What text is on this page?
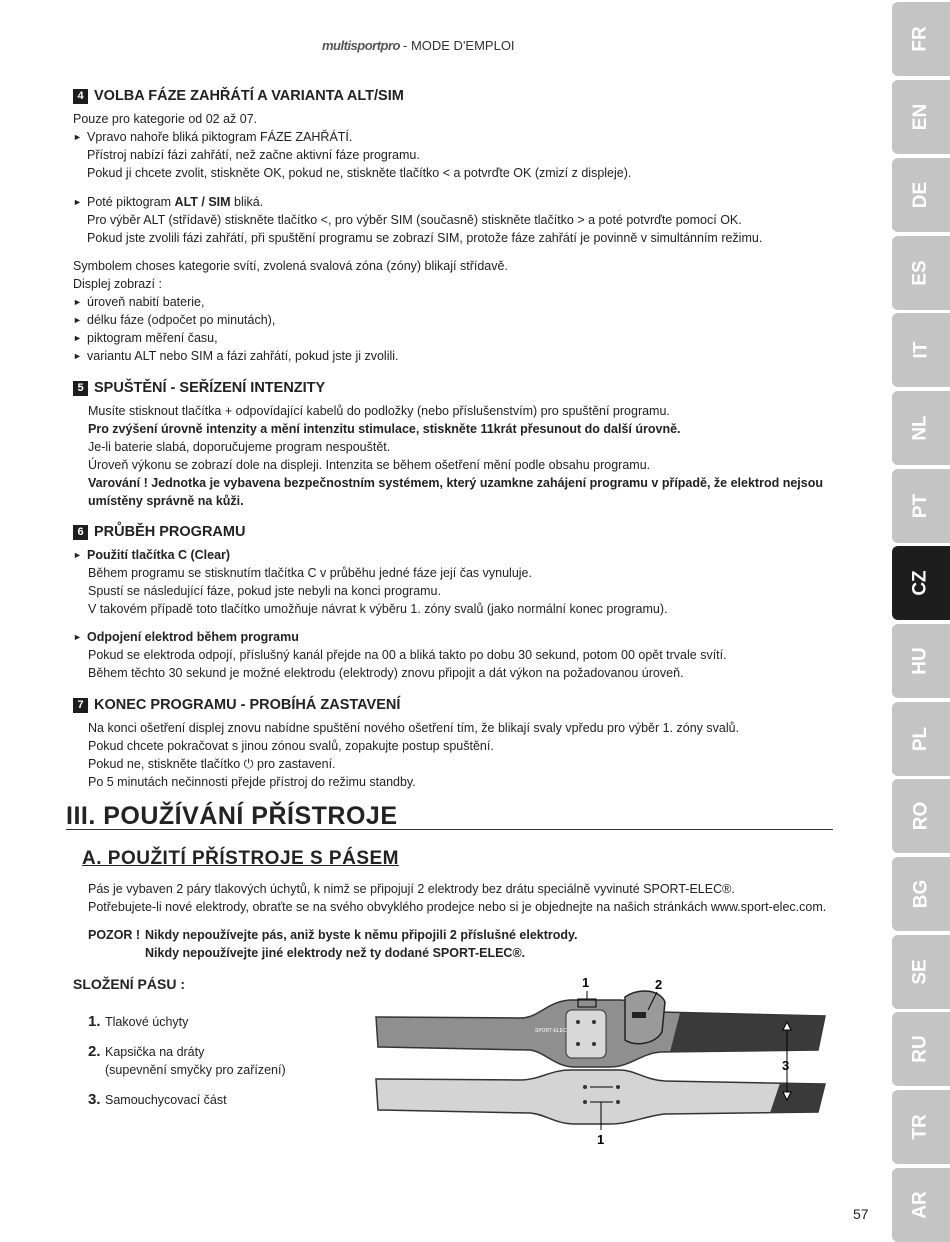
multisportpro - MODE D'EMPLOI	FR
EN
DE
ES
IT
NL
PT
CZ
HU
PL
RO
BG
SE
RU
TR
AR
4 VOLBA FÁZE ZAHŘÁTÍ A VARIANTA ALT/SIM

Pouze pro kategorie od 02 až 07.

► Vpravo nahoře bliká piktogram FÁZE ZAHŘÁTÍ.

Přístroj nabízí fázi zahřátí, než začne aktivní fáze programu.

Pokud ji chcete zvolit, stiskněte OK, pokud ne, stiskněte tlačítko < a potvrďte OK (zmizí z displeje).

► Poté piktogram ALT / SIM bliká.

Pro výběr ALT (střídavě) stiskněte tlačítko <, pro výběr SIM (současně) stiskněte tlačítko > a poté potvrďte pomocí OK.

Pokud jste zvolili fázi zahřátí, při spuštění programu se zobrazí SIM, protože fáze zahřátí je povinně v simultánním režimu.

Symbolem choses kategorie svítí, zvolená svalová zóna (zóny) blikají střídavě.

Displej zobrazí :

► úroveň nabití baterie,
► délku fáze (odpočet po minutách),
► piktogram měření času,
► variantu ALT nebo SIM a fázi zahřátí, pokud jste ji zvolili.
5 SPUŠTĚNÍ - SEŘÍZENÍ INTENZITY

Musíte stisknout tlačítka + odpovídající kabelů do podložky (nebo příslušenstvím) pro spuštění programu.

Pro zvýšení úrovně intenzity a mění intenzitu stimulace, stiskněte 11krát přesunout do další úrovně.

Je-li baterie slabá, doporučujeme program nespouštět.

Úroveň výkonu se zobrazí dole na displeji. Intenzita se během ošetření mění podle obsahu programu.

Varování ! Jednotka je vybavena bezpečnostním systémem, který uzamkne zahájení programu v případě, že elektrod nejsou umístěny správně na kůži.

6 PRŮBĚH PROGRAMU
► Použití tlačítka C (Clear)

Během programu se stisknutím tlačítka C v průběhu jedné fáze její čas vynuluje.

Spustí se následující fáze, pokud jste nebyli na konci programu.

V takovém případě toto tlačítko umožňuje návrat k výběru 1. zóny svalů (jako normální konec programu).

► Odpojení elektrod během programu

Pokud se elektroda odpojí, příslušný kanál přejde na 00 a bliká takto po dobu 30 sekund, potom 00 opět trvale svítí.

Během těchto 30 sekund je možné elektrodu (elektrody) znovu připojit a dát výkon na požadovanou úroveň.

7 KONEC PROGRAMU - PROBÍHÁ ZASTAVENÍ

Na konci ošetření displej znovu nabídne spuštění nového ošetření tím, že blikají svaly vpředu pro výběr 1. zóny svalů.

Pokud chcete pokračovat s jinou zónou svalů, zopakujte postup spuštění.

Pokud ne, stiskněte tlačítko ⏻ pro zastavení.

Po 5 minutách nečinnosti přejde přístroj do režimu standby.

III. POUŽÍVÁNÍ PŘÍSTROJE
A. POUŽITÍ PŘÍSTROJE S PÁSEM

Pás je vybaven 2 páry tlakových úchytů, k nimž se připojují 2 elektrody bez drátu speciálně vyvinuté SPORT-ELEC®.

Potřebujete-li nové elektrody, obraťte se na svého obvyklého prodejce nebo si je objednejte na našich stránkách www.sport-elec.com.

POZOR ! Nikdy nepoužívejte pás, aniž byste k němu připojili 2 příslušné elektrody.

Nikdy nepoužívejte jiné elektrody než ty dodané SPORT-ELEC®.

SLOŽENÍ PÁSU :
1. Tlakové úchyty
2. Kapsička na dráty
(supevnění smyčky pro zařízení)
3. Samouchycovací část
SPORT-ELEC
1	2
1
3
57
